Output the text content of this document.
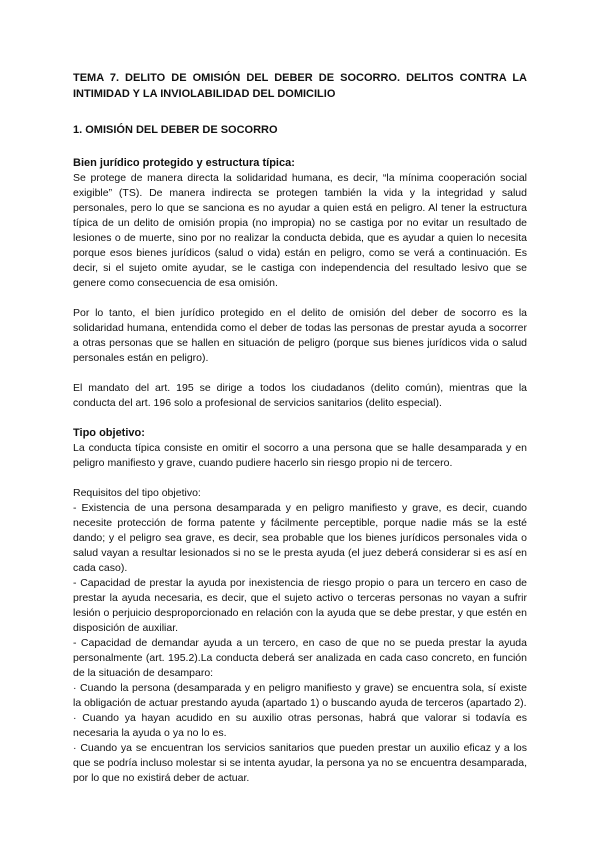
TEMA 7. DELITO DE OMISIÓN DEL DEBER DE SOCORRO. DELITOS CONTRA LA INTIMIDAD Y LA INVIOLABILIDAD DEL DOMICILIO
1. OMISIÓN DEL DEBER DE SOCORRO
Bien jurídico protegido y estructura típica:

Se protege de manera directa la solidaridad humana, es decir, “la mínima cooperación social exigible” (TS). De manera indirecta se protegen también la vida y la integridad y salud personales, pero lo que se sanciona es no ayudar a quien está en peligro. Al tener la estructura típica de un delito de omisión propia (no impropia) no se castiga por no evitar un resultado de lesiones o de muerte, sino por no realizar la conducta debida, que es ayudar a quien lo necesita porque esos bienes jurídicos (salud o vida) están en peligro, como se verá a continuación. Es decir, si el sujeto omite ayudar, se le castiga con independencia del resultado lesivo que se genere como consecuencia de esa omisión.

Por lo tanto, el bien jurídico protegido en el delito de omisión del deber de socorro es la solidaridad humana, entendida como el deber de todas las personas de prestar ayuda a socorrer a otras personas que se hallen en situación de peligro (porque sus bienes jurídicos vida o salud personales están en peligro).

El mandato del art. 195 se dirige a todos los ciudadanos (delito común), mientras que la conducta del art. 196 solo a profesional de servicios sanitarios (delito especial).

Tipo objetivo:

La conducta típica consiste en omitir el socorro a una persona que se halle desamparada y en peligro manifiesto y grave, cuando pudiere hacerlo sin riesgo propio ni de tercero.

Requisitos del tipo objetivo:

- Existencia de una persona desamparada y en peligro manifiesto y grave, es decir, cuando necesite protección de forma patente y fácilmente perceptible, porque nadie más se la esté dando; y el peligro sea grave, es decir, sea probable que los bienes jurídicos personales vida o salud vayan a resultar lesionados si no se le presta ayuda (el juez deberá considerar si es así en cada caso).

- Capacidad de prestar la ayuda por inexistencia de riesgo propio o para un tercero en caso de prestar la ayuda necesaria, es decir, que el sujeto activo o terceras personas no vayan a sufrir lesión o perjuicio desproporcionado en relación con la ayuda que se debe prestar, y que estén en disposición de auxiliar.

- Capacidad de demandar ayuda a un tercero, en caso de que no se pueda prestar la ayuda personalmente (art. 195.2).La conducta deberá ser analizada en cada caso concreto, en función de la situación de desamparo:

· Cuando la persona (desamparada y en peligro manifiesto y grave) se encuentra sola, sí existe la obligación de actuar prestando ayuda (apartado 1) o buscando ayuda de terceros (apartado 2).

· Cuando ya hayan acudido en su auxilio otras personas, habrá que valorar si todavía es necesaria la ayuda o ya no lo es.

· Cuando ya se encuentran los servicios sanitarios que pueden prestar un auxilio eficaz y a los que se podría incluso molestar si se intenta ayudar, la persona ya no se encuentra desamparada, por lo que no existirá deber de actuar.
